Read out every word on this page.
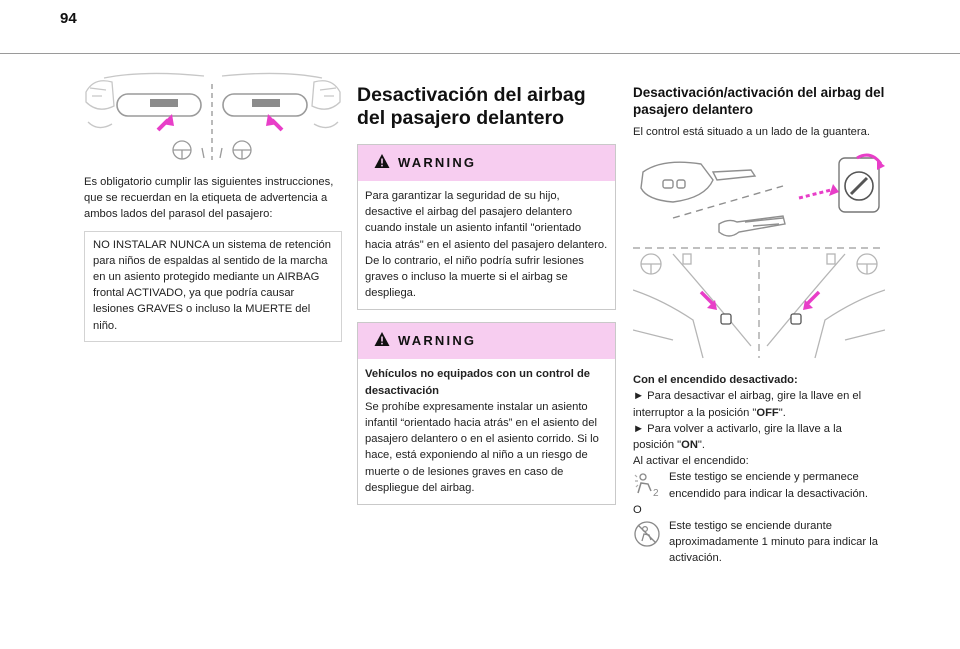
94

Es obligatorio cumplir las siguientes instrucciones, que se recuerdan en la etiqueta de advertencia a ambos lados del parasol del pasajero:

NO INSTALAR NUNCA un sistema de retención para niños de espaldas al sentido de la marcha en un asiento protegido mediante un AIRBAG frontal ACTIVADO, ya que podría causar lesiones GRAVES o incluso la MUERTE del niño.

Desactivación del airbag del pasajero delantero
WARNING

Para garantizar la seguridad de su hijo, desactive el airbag del pasajero delantero cuando instale un asiento infantil "orientado hacia atrás" en el asiento del pasajero delantero. De lo contrario, el niño podría sufrir lesiones graves o incluso la muerte si el airbag se despliega.

WARNING

Vehículos no equipados con un control de desactivación

Se prohíbe expresamente instalar un asiento infantil “orientado hacia atrás” en el asiento del pasajero delantero o en el asiento corrido. Si lo hace, está exponiendo al niño a un riesgo de muerte o de lesiones graves en caso de despliegue del airbag.

Desactivación/activación del airbag del pasajero delantero

El control está situado a un lado de la guantera.

Con el encendido desactivado:

► Para desactivar el airbag, gire la llave en el interruptor a la posición "OFF".

► Para volver a activarlo, gire la llave a la posición "ON".

Al activar el encendido:

2

Este testigo se enciende y permanece encendido para indicar la desactivación.

O

Este testigo se enciende durante aproximadamente 1 minuto para indicar la activación.
